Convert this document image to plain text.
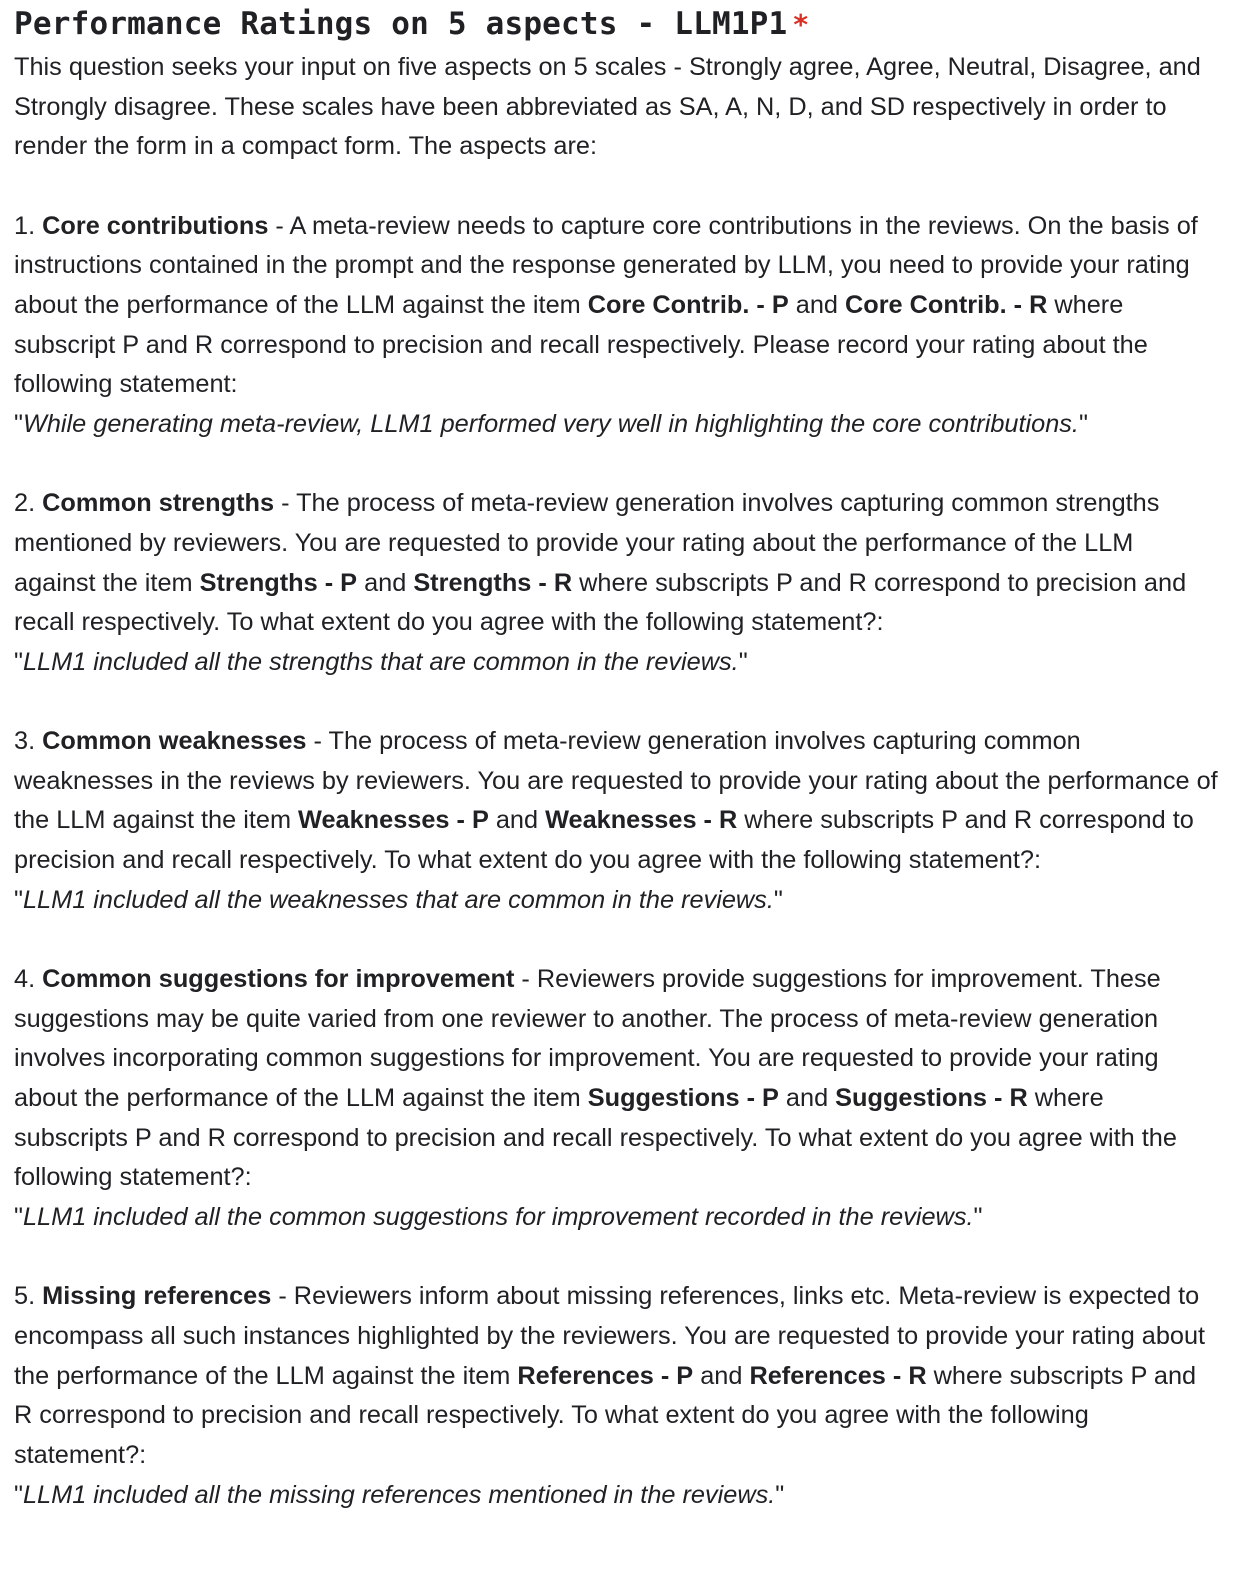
Performance Ratings on 5 aspects - LLM1P1 *

This question seeks your input on five aspects on 5 scales - Strongly agree, Agree, Neutral, Disagree, and Strongly disagree. These scales have been abbreviated as SA, A, N, D, and SD respectively in order to render the form in a compact form. The aspects are:

1. Core contributions - A meta-review needs to capture core contributions in the reviews. On the basis of instructions contained in the prompt and the response generated by LLM, you need to provide your rating about the performance of the LLM against the item Core Contrib. - P and Core Contrib. - R where subscript P and R correspond to precision and recall respectively. Please record your rating about the following statement:

"While generating meta-review, LLM1 performed very well in highlighting the core contributions."

2. Common strengths - The process of meta-review generation involves capturing common strengths mentioned by reviewers. You are requested to provide your rating about the performance of the LLM against the item Strengths - P and Strengths - R where subscripts P and R correspond to precision and recall respectively. To what extent do you agree with the following statement?:

"LLM1 included all the strengths that are common in the reviews."

3. Common weaknesses - The process of meta-review generation involves capturing common weaknesses in the reviews by reviewers. You are requested to provide your rating about the performance of the LLM against the item Weaknesses - P and Weaknesses - R where subscripts P and R correspond to precision and recall respectively. To what extent do you agree with the following statement?:

"LLM1 included all the weaknesses that are common in the reviews."

4. Common suggestions for improvement - Reviewers provide suggestions for improvement. These suggestions may be quite varied from one reviewer to another. The process of meta-review generation involves incorporating common suggestions for improvement. You are requested to provide your rating about the performance of the LLM against the item Suggestions - P and Suggestions - R where subscripts P and R correspond to precision and recall respectively. To what extent do you agree with the following statement?:

"LLM1 included all the common suggestions for improvement recorded in the reviews."

5. Missing references - Reviewers inform about missing references, links etc. Meta-review is expected to encompass all such instances highlighted by the reviewers. You are requested to provide your rating about the performance of the LLM against the item References - P and References - R where subscripts P and R correspond to precision and recall respectively. To what extent do you agree with the following statement?:

"LLM1 included all the missing references mentioned in the reviews."
